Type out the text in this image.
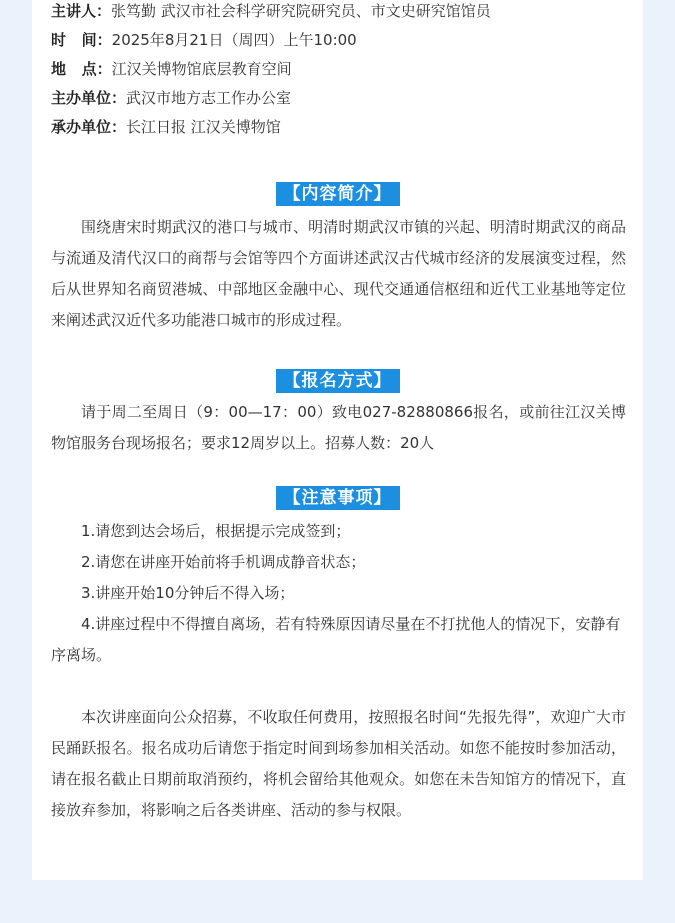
主讲人：张笃勤 武汉市社会科学研究院研究员、市文史研究馆馆员
时   间：2025年8月21日（周四）上午10:00
地   点：江汉关博物馆底层教育空间
主办单位：武汉市地方志工作办公室
承办单位：长江日报 江汉关博物馆
【内容简介】

围绕唐宋时期武汉的港口与城市、明清时期武汉市镇的兴起、明清时期武汉的商品与流通及清代汉口的商帮与会馆等四个方面讲述武汉古代城市经济的发展演变过程，然后从世界知名商贸港城、中部地区金融中心、现代交通通信枢纽和近代工业基地等定位来阐述武汉近代多功能港口城市的形成过程。

【报名方式】

请于周二至周日（9：00—17：00）致电027-82880866报名，或前往江汉关博物馆服务台现场报名；要求12周岁以上。招募人数：20人

【注意事项】

1.请您到达会场后，根据提示完成签到；

2.请您在讲座开始前将手机调成静音状态；

3.讲座开始10分钟后不得入场；

4.讲座过程中不得擅自离场，若有特殊原因请尽量在不打扰他人的情况下，安静有序离场。

本次讲座面向公众招募，不收取任何费用，按照报名时间“先报先得”，欢迎广大市民踊跃报名。报名成功后请您于指定时间到场参加相关活动。如您不能按时参加活动，请在报名截止日期前取消预约，将机会留给其他观众。如您在未告知馆方的情况下，直接放弃参加，将影响之后各类讲座、活动的参与权限。
